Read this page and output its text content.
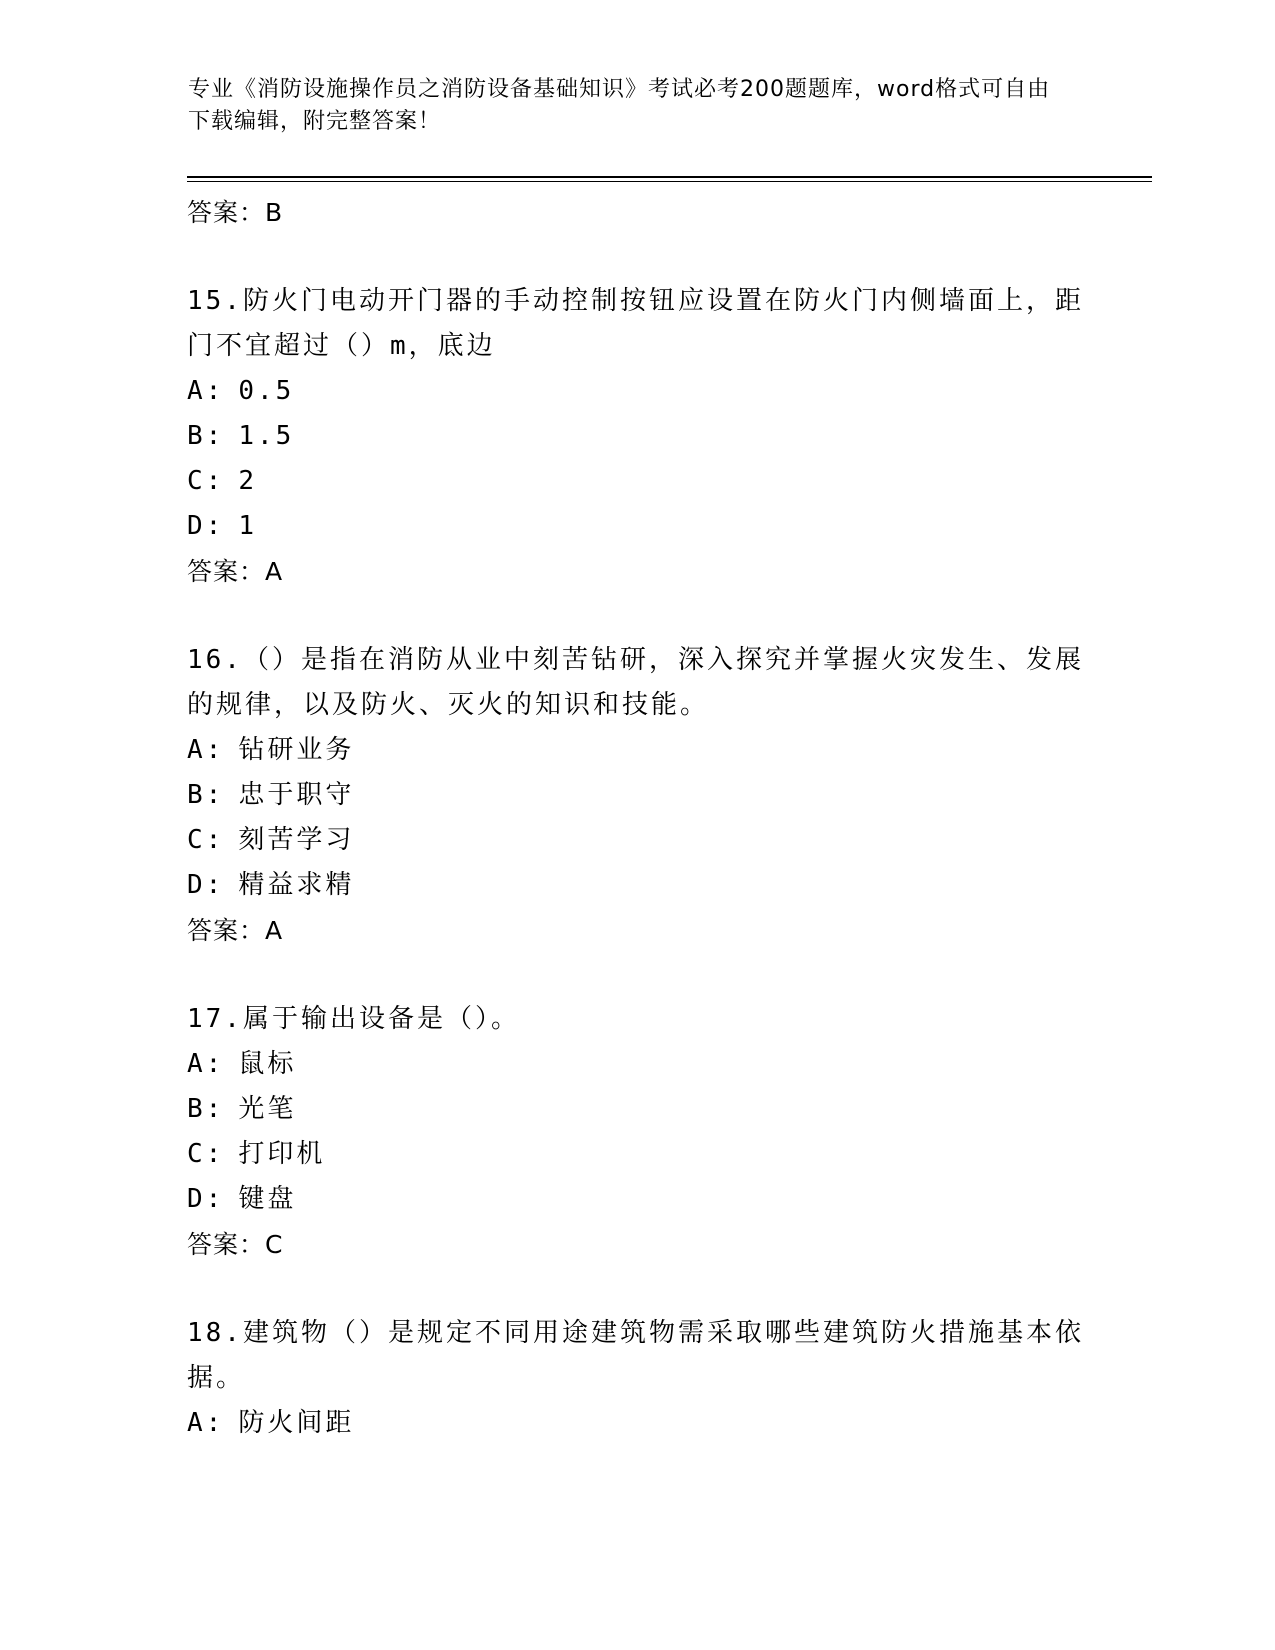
专业《消防设施操作员之消防设备基础知识》考试必考200题题库，word格式可自由下载编辑，附完整答案！
答案：B
15.防火门电动开门器的手动控制按钮应设置在防火门内侧墙面上，距门不宜超过（）m，底边
A: 0.5
B: 1.5
C: 2
D: 1
答案：A
16.（）是指在消防从业中刻苦钻研，深入探究并掌握火灾发生、发展的规律，以及防火、灭火的知识和技能。
A: 钻研业务
B: 忠于职守
C: 刻苦学习
D: 精益求精
答案：A
17.属于输出设备是（）。
A: 鼠标
B: 光笔
C: 打印机
D: 键盘
答案：C
18.建筑物（）是规定不同用途建筑物需采取哪些建筑防火措施基本依据。
A: 防火间距
